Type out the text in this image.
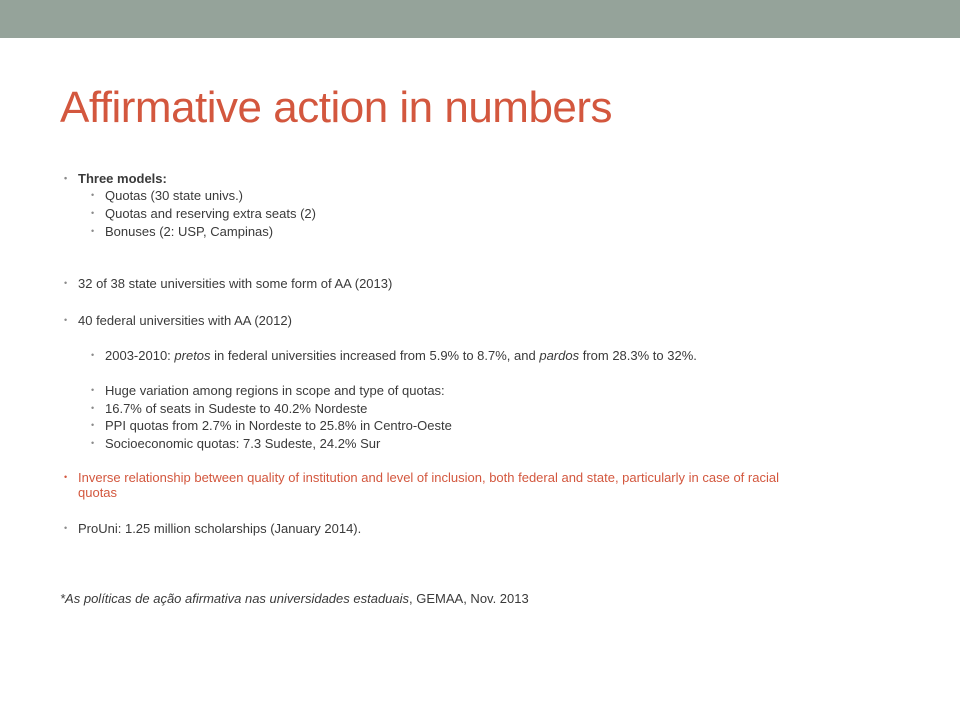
Affirmative action in numbers
• Three models:
• Quotas (30 state univs.)
• Quotas and reserving extra seats (2)
• Bonuses (2: USP, Campinas)
• 32 of 38 state universities with some form of AA (2013)
• 40 federal universities with AA (2012)
• 2003-2010: pretos in federal universities increased from 5.9% to 8.7%, and pardos from 28.3% to 32%.
• Huge variation among regions in scope and type of quotas:
• 16.7% of seats in Sudeste to 40.2% Nordeste
• PPI quotas from 2.7% in Nordeste to 25.8% in Centro-Oeste
• Socioeconomic quotas: 7.3 Sudeste, 24.2% Sur
• Inverse relationship between quality of institution and level of inclusion, both federal and state, particularly in case of racial
quotas
• ProUni: 1.25 million scholarships (January 2014).
*As políticas de ação afirmativa nas universidades estaduais, GEMAA, Nov. 2013
